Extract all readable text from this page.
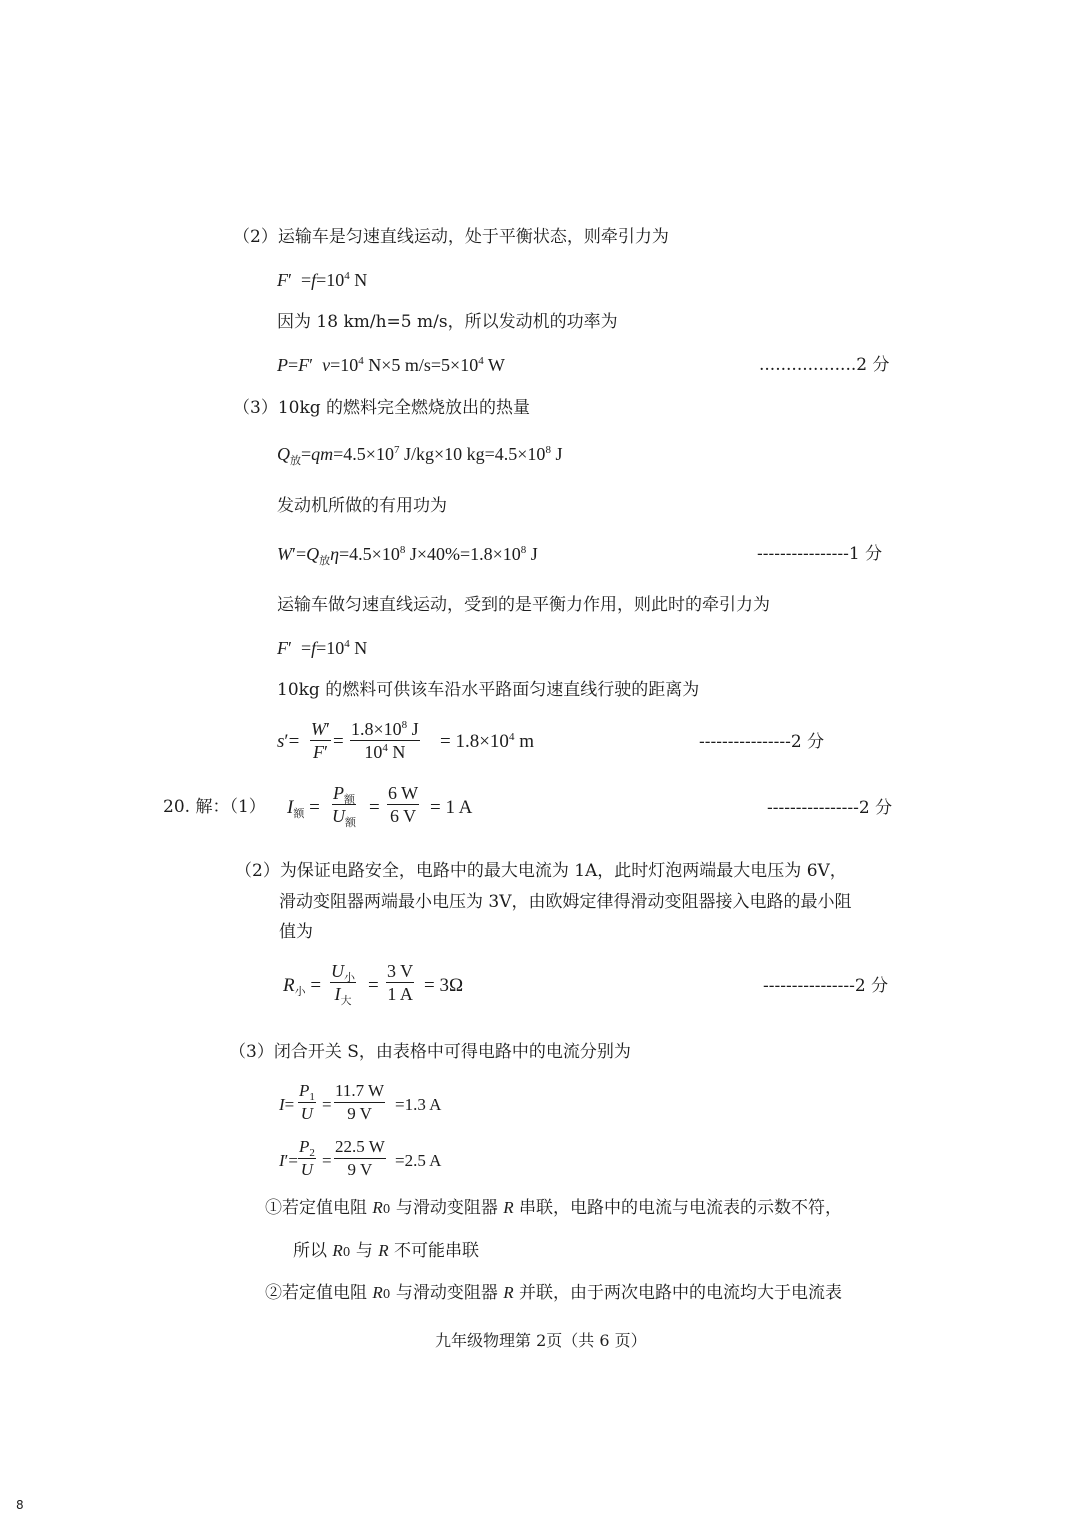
（2）运输车是匀速直线运动，处于平衡状态，则牵引力为
$F' =f=10^4$ N
因为 18 km/h=5 m/s，所以发动机的功率为
P=F′  $v=10^4$ N×5 $m/s=5\times 10^4$ W	..................2 分
（3）10kg 的燃料完全燃烧放出的热量
$Q_放=qm=4.5\times 10^7$ J/kg×10 $kg=4.5\times 10^8$ J
发动机所做的有用功为
$W'=Q_放\eta=4.5\times 10^8$ $J\times 40\%=1.8\times 10^8$ J	----------------1 分
运输车做匀速直线运动，受到的是平衡力作用，则此时的牵引力为
$F' =f=10^4$ N
10kg 的燃料可供该车沿水平路面匀速直线行驶的距离为
$s'= \frac{W'}{F'} = \frac{1.8\times 10^8 J}{10^4 N} = 1.8\times 10^4$ m	----------------2 分
20. 解：（1） $I_额$ =
$P_额$
$U_额$
= $\frac{6 W}{6 V} = 1$ A	----------------2 分
（2）为保证电路安全，电路中的最大电流为 1A，此时灯泡两端最大电压为 6V，
滑动变阻器两端最小电压为 3V，由欧姆定律得滑动变阻器接入电路的最小阻
值为
$R_小$ =
$U_小$
$I_大$
= $\frac{3 V}{1 A} = 3\Omega$	----------------2 分
（3）闭合开关 S，由表格中可得电路中的电流分别为
$I= \frac{P_1}{U} = \frac{11.7 W}{9 V} =1.3$ A
$I'= \frac{P_2}{U} = \frac{22.5 W}{9 V} =2.5$ A
①若定值电阻 R0 与滑动变阻器 R 串联，电路中的电流与电流表的示数不符，
所以 R0 与 R 不可能串联
②若定值电阻 R0 与滑动变阻器 R 并联，由于两次电路中的电流均大于电流表
九年级物理第 2页（共 6 页）
8
